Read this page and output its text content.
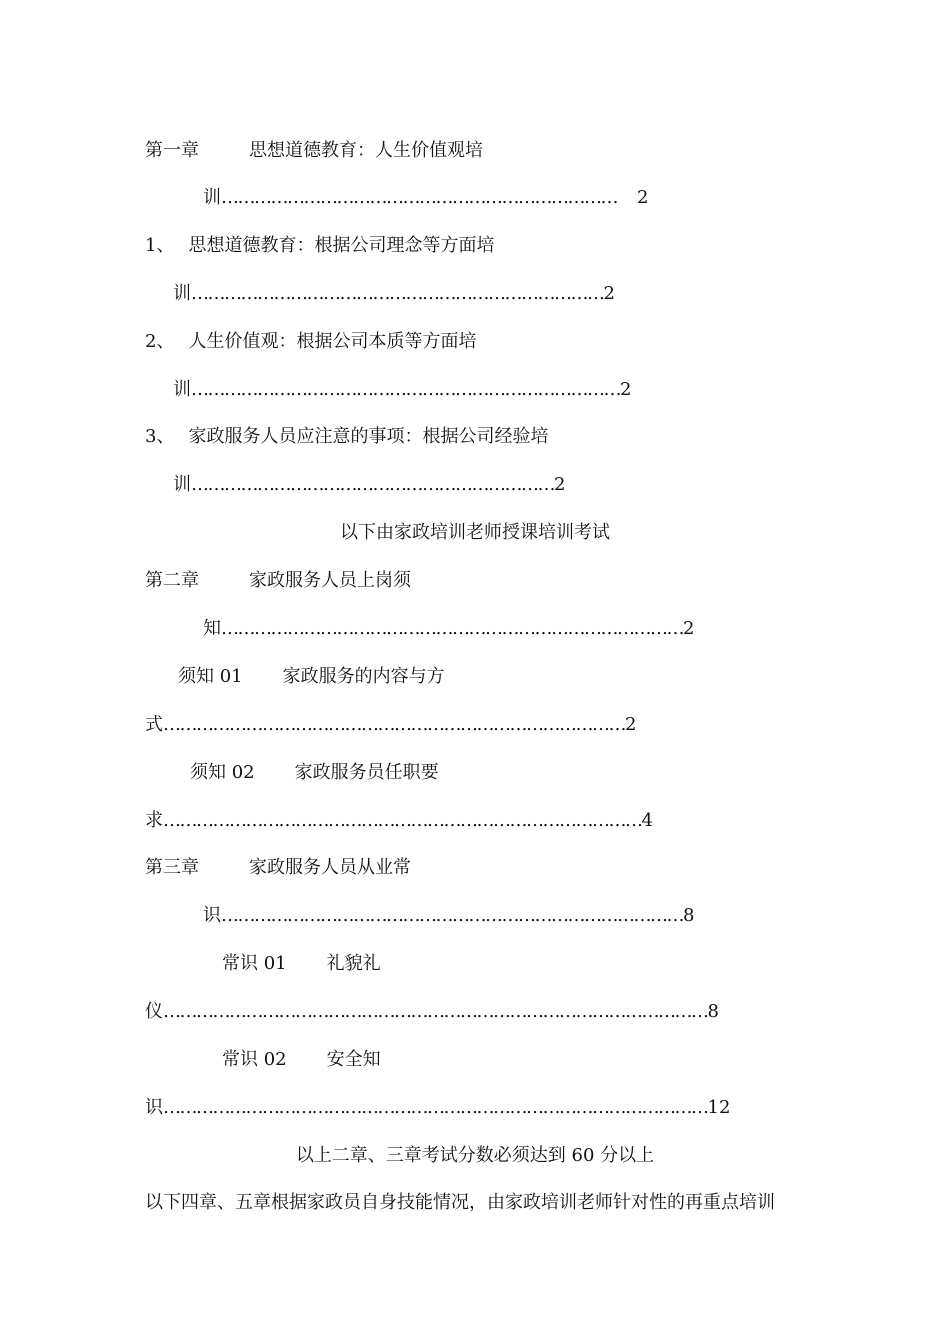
第一章	思想道德教育：人生价值观培
训……………………………………………………………… 2
1、 思想道德教育：根据公司理念等方面培
训…………………………………………………………………2
2、 人生价值观：根据公司本质等方面培
训……………………………………………………………………2
3、 家政服务人员应注意的事项：根据公司经验培
训…………………………………………………………2
以下由家政培训老师授课培训考试
第二章	家政服务人员上岗须
知…………………………………………………………………………2
须知 01 家政服务的内容与方
式…………………………………………………………………………2
须知 02 家政服务员任职要
求……………………………………………………………………………4
第三章	家政服务人员从业常
识…………………………………………………………………………8
常识 01 礼貌礼
仪………………………………………………………………………………………8
常识 02 安全知
识………………………………………………………………………………………12
以上二章、三章考试分数必须达到 60 分以上
以下四章、五章根据家政员自身技能情况，由家政培训老师针对性的再重点培训
